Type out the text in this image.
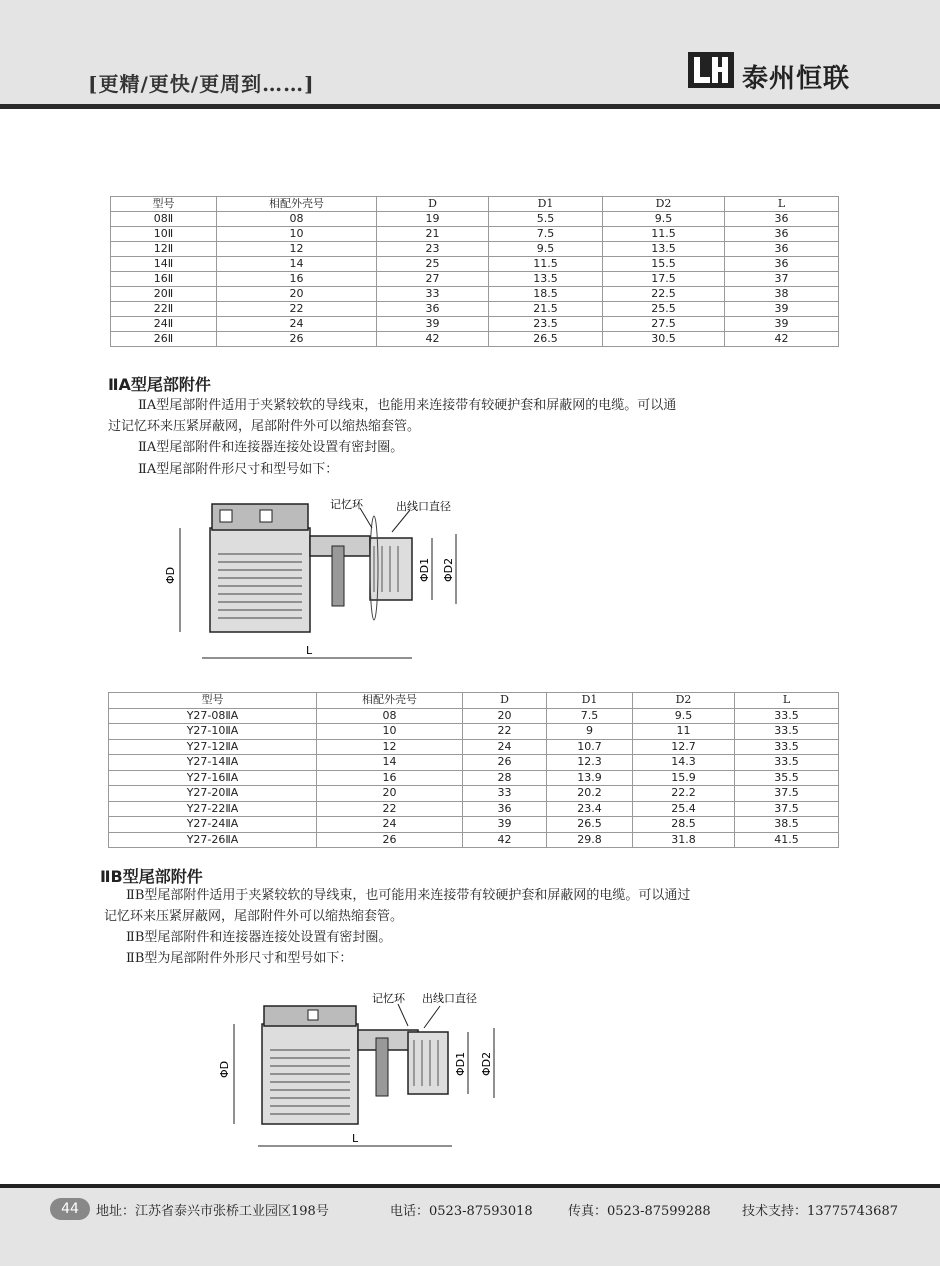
[更精/更快/更周到……]	泰州恒联
型号	相配外壳号	D	D1	D2	L
08Ⅱ	08	19	5.5	9.5	36
10Ⅱ	10	21	7.5	11.5	36
12Ⅱ	12	23	9.5	13.5	36
14Ⅱ	14	25	11.5	15.5	36
16Ⅱ	16	27	13.5	17.5	37
20Ⅱ	20	33	18.5	22.5	38
22Ⅱ	22	36	21.5	25.5	39
24Ⅱ	24	39	23.5	27.5	39
26Ⅱ	26	42	26.5	30.5	42
ⅡA型尾部附件
ⅡA型尾部附件适用于夹紧较软的导线束，也能用来连接带有较硬护套和屏蔽网的电缆。可以通
过记忆环来压紧屏蔽网，尾部附件外可以缩热缩套管。
ⅡA型尾部附件和连接器连接处设置有密封圈。
ⅡA型尾部附件形尺寸和型号如下：
记忆环	出线口直径
ΦD	ΦD1 ΦD2
L
型号	相配外壳号	D	D1	D2	L
Y27-08ⅡA	08	20	7.5	9.5	33.5
Y27-10ⅡA	10	22	9	11	33.5
Y27-12ⅡA	12	24	10.7	12.7	33.5
Y27-14ⅡA	14	26	12.3	14.3	33.5
Y27-16ⅡA	16	28	13.9	15.9	35.5
Y27-20ⅡA	20	33	20.2	22.2	37.5
Y27-22ⅡA	22	36	23.4	25.4	37.5
Y27-24ⅡA	24	39	26.5	28.5	38.5
Y27-26ⅡA	26	42	29.8	31.8	41.5
ⅡB型尾部附件
ⅡB型尾部附件适用于夹紧较软的导线束，也可能用来连接带有较硬护套和屏蔽网的电缆。可以通过
记忆环来压紧屏蔽网，尾部附件外可以缩热缩套管。
ⅡB型尾部附件和连接器连接处设置有密封圈。
ⅡB型为尾部附件外形尺寸和型号如下：
记忆环 出线口直径
ΦD	ΦD1 ΦD2
L
44	地址：江苏省泰兴市张桥工业园区198号	电话：0523-87593018	传真：0523-87599288 技术支持：13775743687
